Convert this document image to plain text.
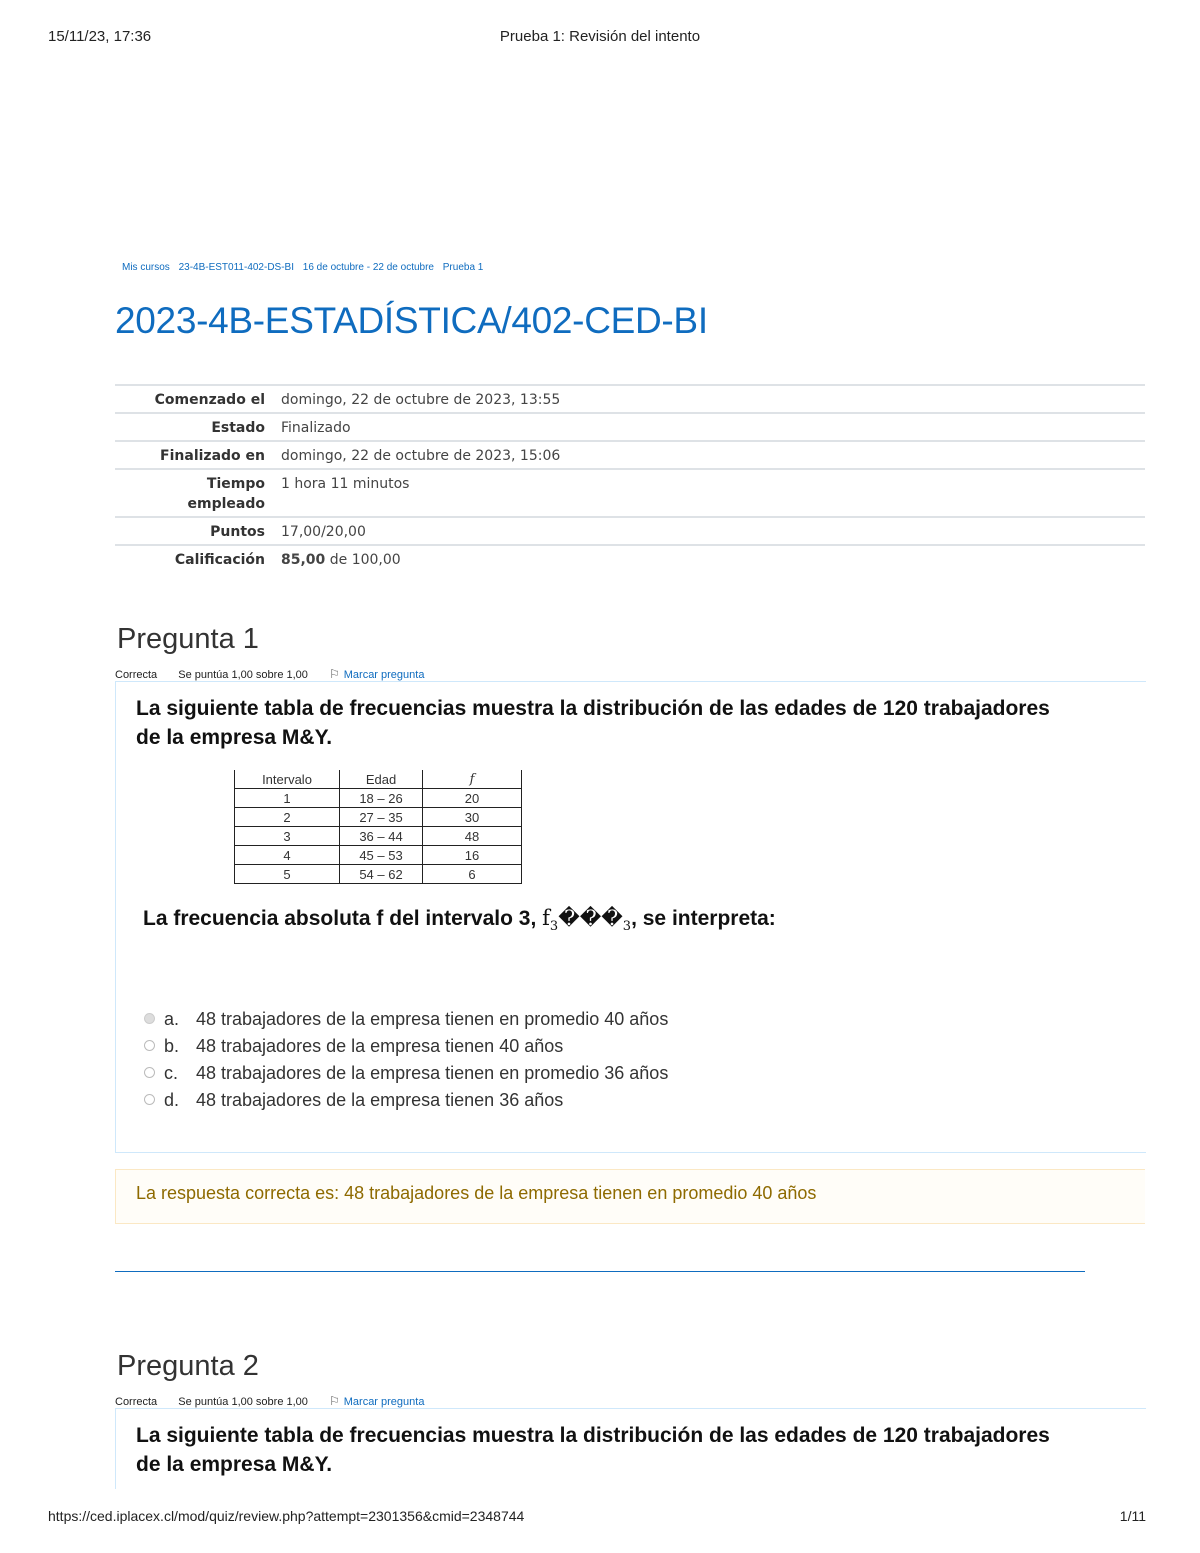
15/11/23, 17:36	Prueba 1: Revisión del intento
Mis cursos 23-4B-EST011-402-DS-BI 16 de octubre - 22 de octubre Prueba 1
2023-4B-ESTADÍSTICA/402-CED-BI
Comenzado el	domingo, 22 de octubre de 2023, 13:55
Estado	Finalizado
Finalizado en	domingo, 22 de octubre de 2023, 15:06
Tiempo empleado	1 hora 11 minutos
Puntos	17,00/20,00
Calificación	85,00 de 100,00
Pregunta 1
Correcta Se puntúa 1,00 sobre 1,00 ⚐ Marcar pregunta
La siguiente tabla de frecuencias muestra la distribución de las edades de 120 trabajadores
de la empresa M&Y.
Intervalo	Edad	f
1	18 – 26	20
2	27 – 35	30
3	36 – 44	48
4	45 – 53	16
5	54 – 62	6
La frecuencia absoluta f del intervalo 3, $f_3���_3$, se interpreta:
a. 48 trabajadores de la empresa tienen en promedio 40 años
b. 48 trabajadores de la empresa tienen 40 años
c. 48 trabajadores de la empresa tienen en promedio 36 años
d. 48 trabajadores de la empresa tienen 36 años
La respuesta correcta es: 48 trabajadores de la empresa tienen en promedio 40 años
Pregunta 2
Correcta Se puntúa 1,00 sobre 1,00 ⚐ Marcar pregunta
La siguiente tabla de frecuencias muestra la distribución de las edades de 120 trabajadores
de la empresa M&Y.
https://ced.iplacex.cl/mod/quiz/review.php?attempt=2301356&cmid=2348744	1/11
